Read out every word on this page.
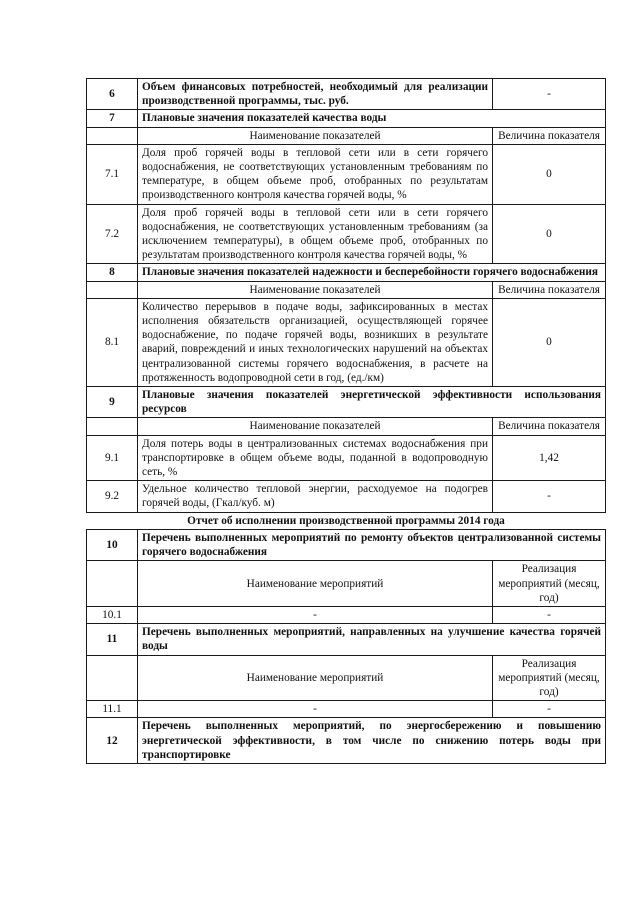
6	Объем финансовых потребностей, необходимый для реализации производственной программы, тыс. руб.	-
7	Плановые значения показателей качества воды	
	Наименование показателей	Величина показателя
7.1	Доля проб горячей воды в тепловой сети или в сети горячего водоснабжения, не соответствующих установленным требованиям по температуре, в общем объеме проб, отобранных по результатам производственного контроля качества горячей воды, %	0
7.2	Доля проб горячей воды в тепловой сети или в сети горячего водоснабжения, не соответствующих установленным требованиям (за исключением температуры), в общем объеме проб, отобранных по результатам производственного контроля качества горячей воды, %	0
8	Плановые значения показателей надежности и бесперебойности горячего водоснабжения	
	Наименование показателей	Величина показателя
8.1	Количество перерывов в подаче воды, зафиксированных в местах исполнения обязательств организацией, осуществляющей горячее водоснабжение, по подаче горячей воды, возникших в результате аварий, повреждений и иных технологических нарушений на объектах централизованной системы горячего водоснабжения, в расчете на протяженность водопроводной сети в год, (ед./км)	0
9	Плановые значения показателей энергетической эффективности использования ресурсов	
	Наименование показателей	Величина показателя
9.1	Доля потерь воды в централизованных системах водоснабжения при транспортировке в общем объеме воды, поданной в водопроводную сеть, %	1,42
9.2	Удельное количество тепловой энергии, расходуемое на подогрев горячей воды, (Гкал/куб. м)	-
Отчет об исполнении производственной программы 2014 года		
10	Перечень выполненных мероприятий по ремонту объектов централизованной системы горячего водоснабжения	
	Наименование мероприятий	Реализация мероприятий (месяц, год)
10.1	-	-
11	Перечень выполненных мероприятий, направленных на улучшение качества горячей воды	
	Наименование мероприятий	Реализация мероприятий (месяц, год)
11.1	-	-
12	Перечень выполненных мероприятий, по энергосбережению и повышению энергетической эффективности, в том числе по снижению потерь воды при транспортировке	
